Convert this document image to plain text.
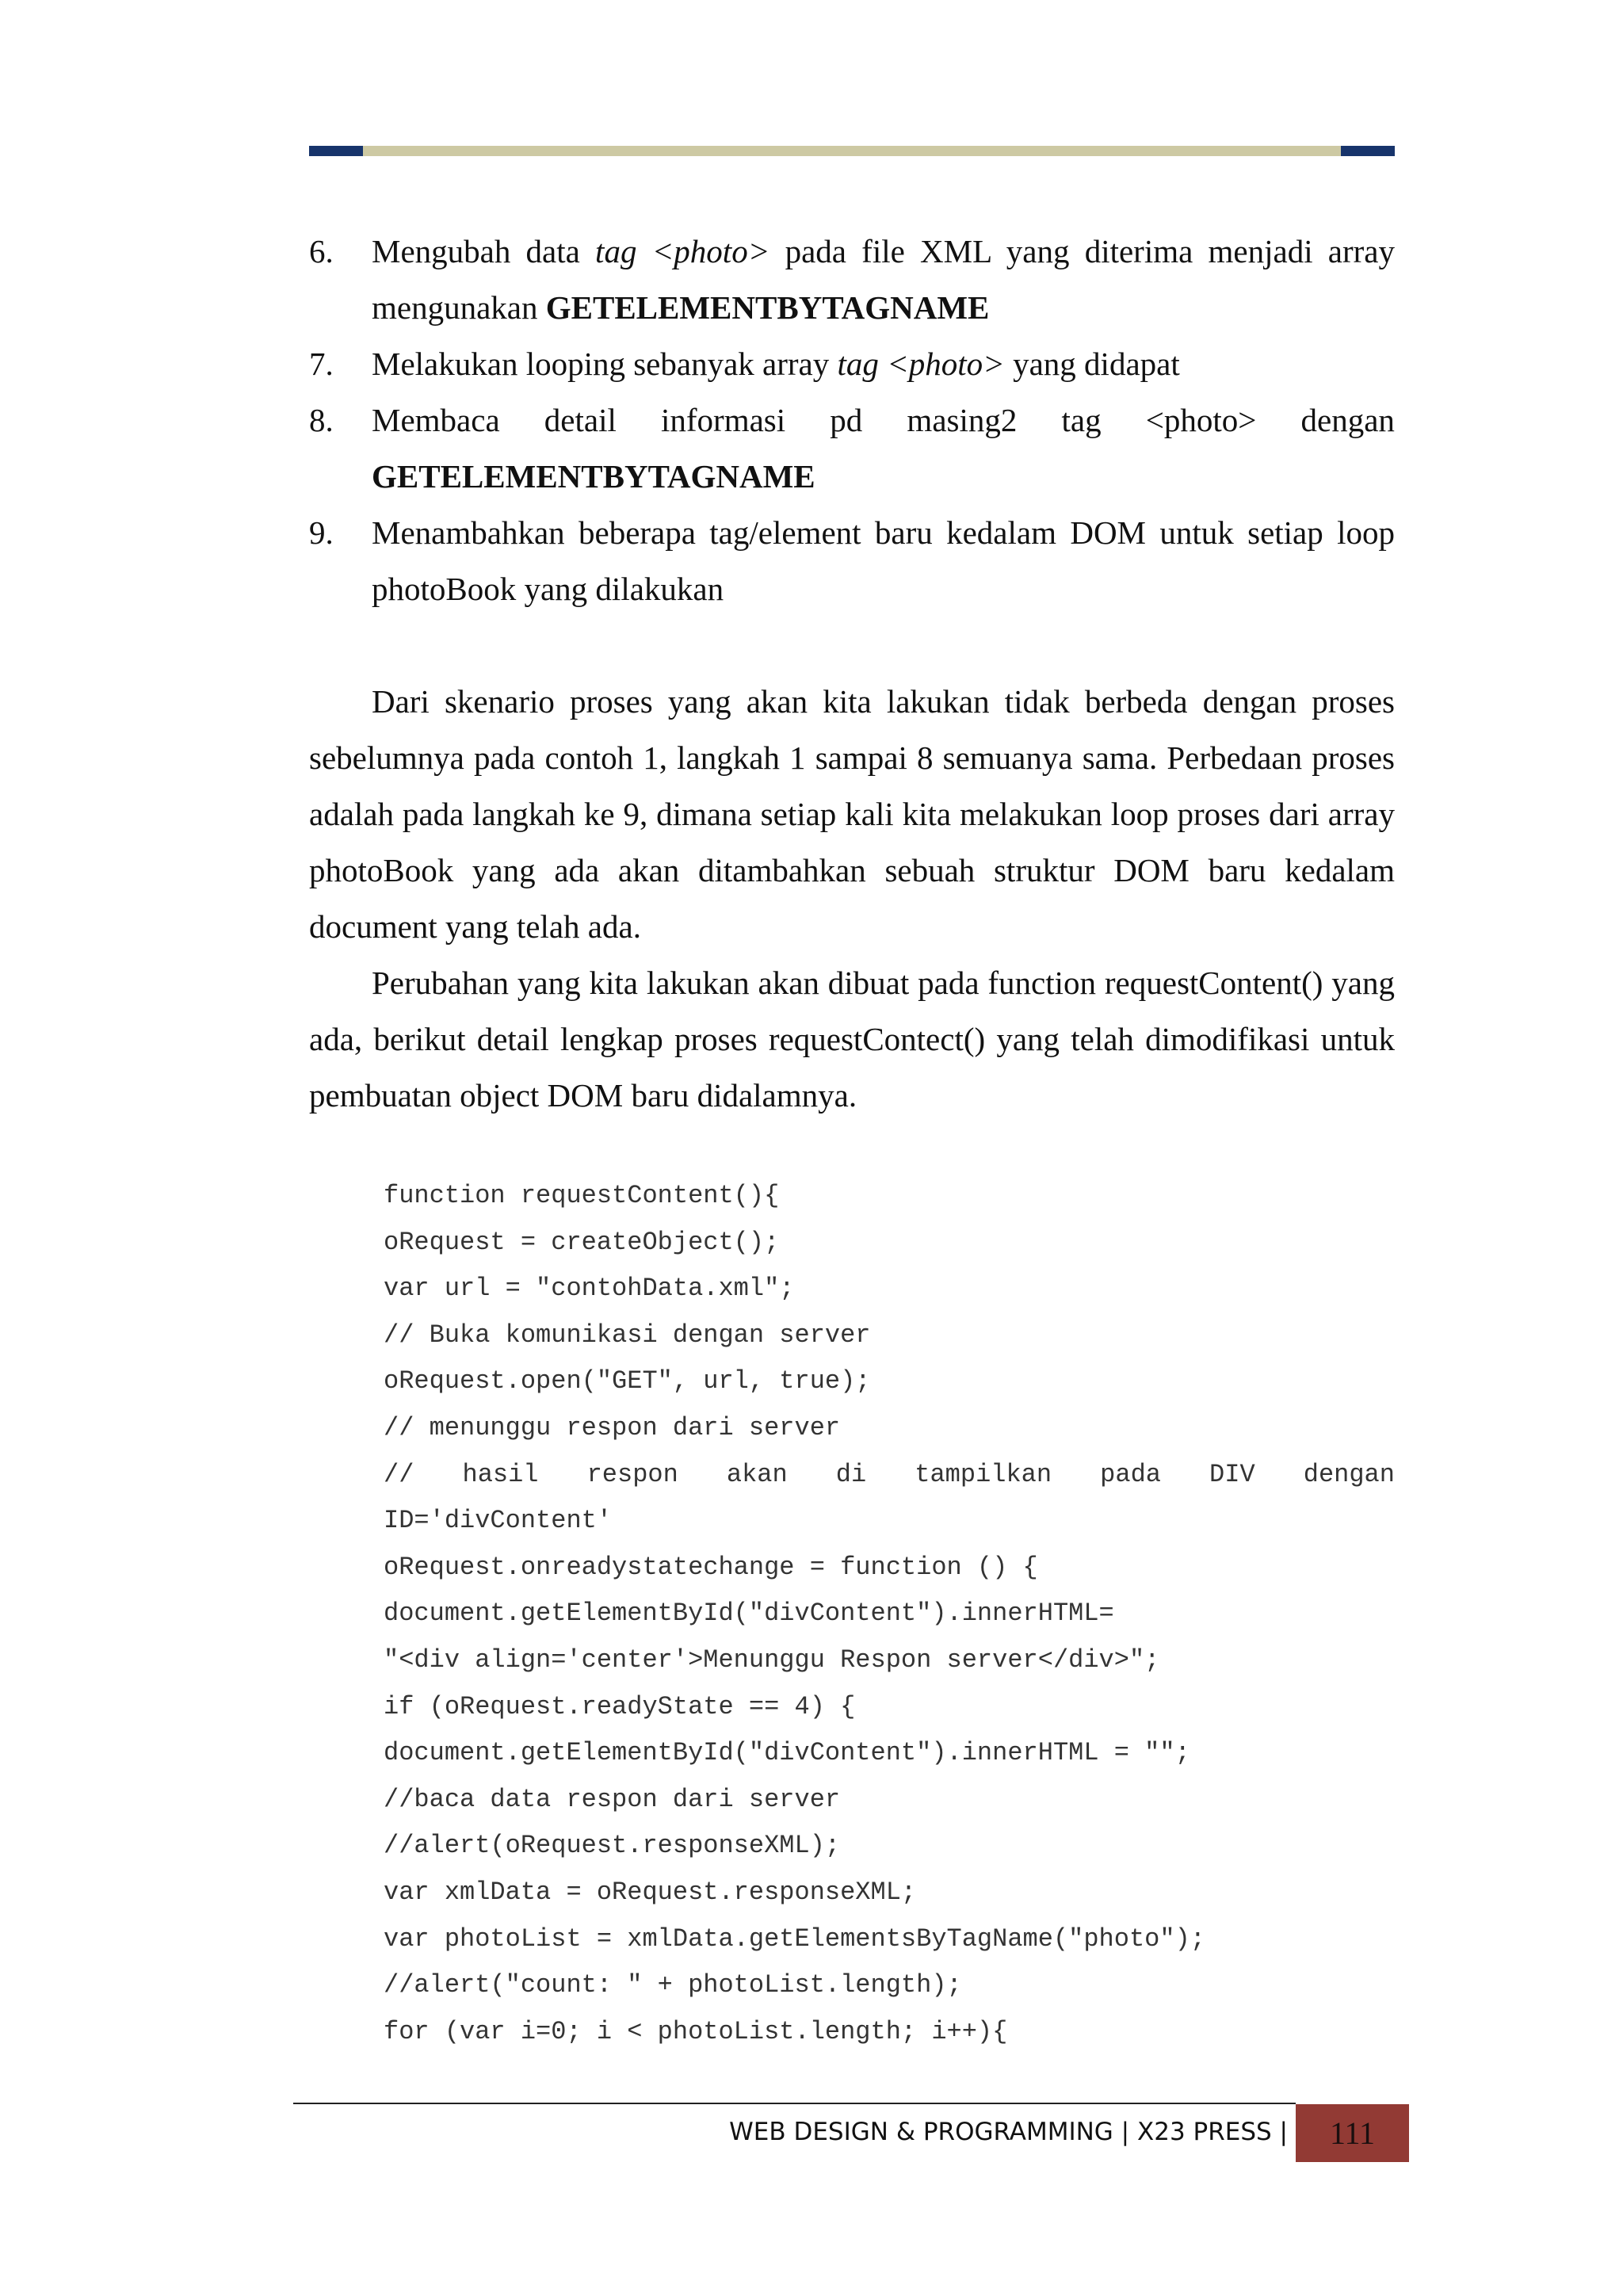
6.	Mengubah data tag <photo> pada file XML yang diterima menjadi array mengunakan GETELEMENTBYTAGNAME
7.	Melakukan looping sebanyak array tag <photo> yang didapat
8.	Membaca detail informasi pd masing2 tag <photo> dengan
GETELEMENTBYTAGNAME
9.	Menambahkan beberapa tag/element baru kedalam DOM untuk setiap loop photoBook yang dilakukan

Dari skenario proses yang akan kita lakukan tidak berbeda dengan proses sebelumnya pada contoh 1, langkah 1 sampai 8 semuanya sama. Perbedaan proses adalah pada langkah ke 9, dimana setiap kali kita melakukan loop proses dari array photoBook yang ada akan ditambahkan sebuah struktur DOM baru kedalam document yang telah ada.

Perubahan yang kita lakukan akan dibuat pada function requestContent() yang ada, berikut detail lengkap proses requestContect() yang telah dimodifikasi untuk pembuatan object DOM baru didalamnya.

function requestContent(){
oRequest = createObject();
var url = "contohData.xml";
// Buka komunikasi dengan server
oRequest.open("GET", url, true);
// menunggu respon dari server
// hasil respon akan di tampilkan pada DIV dengan
ID='divContent'
oRequest.onreadystatechange = function () {
document.getElementById("divContent").innerHTML=
"<div align='center'>Menunggu Respon server</div>";
if (oRequest.readyState == 4) {
document.getElementById("divContent").innerHTML = "";
//baca data respon dari server
//alert(oRequest.responseXML);
var xmlData = oRequest.responseXML;
var photoList = xmlData.getElementsByTagName("photo");
//alert("count: " + photoList.length);
for (var i=0; i < photoList.length; i++){
WEB DESIGN & PROGRAMMING | X23 PRESS | 111
